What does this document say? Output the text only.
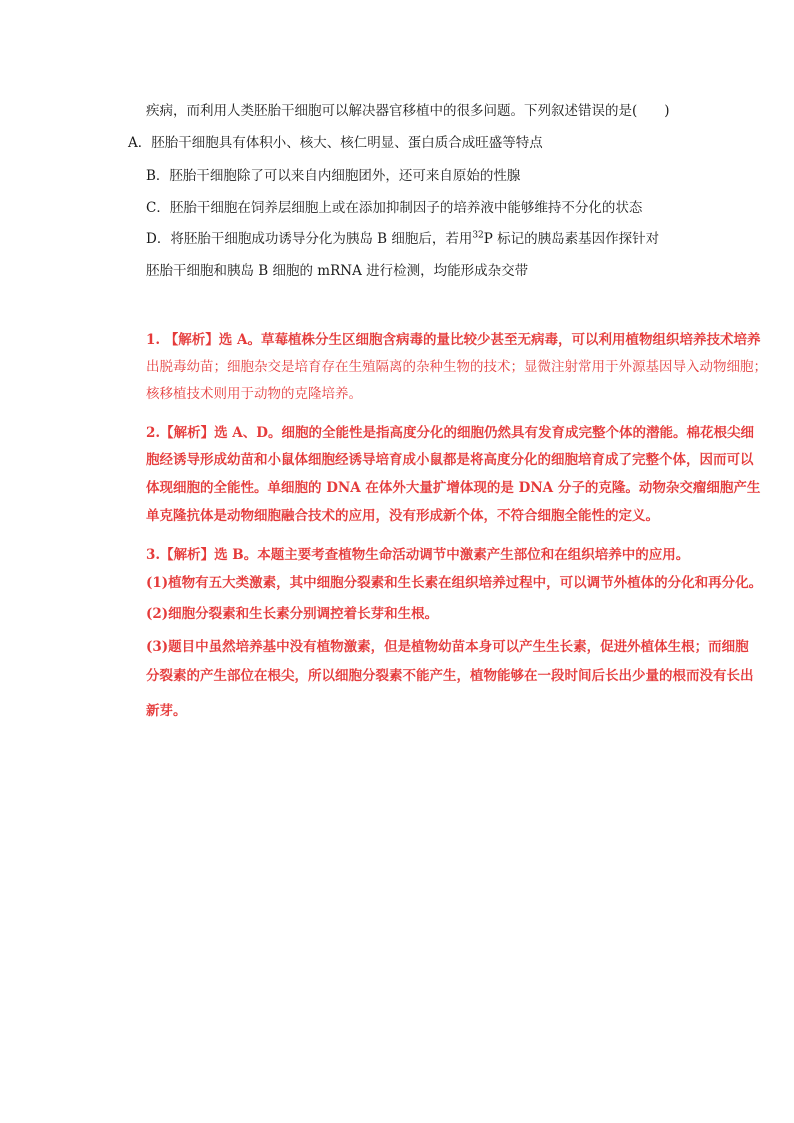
疾病，而利用人类胚胎干细胞可以解决器官移植中的很多问题。下列叙述错误的是(　　)
A．胚胎干细胞具有体积小、核大、核仁明显、蛋白质合成旺盛等特点
B．胚胎干细胞除了可以来自内细胞团外，还可来自原始的性腺
C．胚胎干细胞在饲养层细胞上或在添加抑制因子的培养液中能够维持不分化的状态
D．将胚胎干细胞成功诱导分化为胰岛 B 细胞后，若用$^{32}$P 标记的胰岛素基因作探针对
胚胎干细胞和胰岛 B 细胞的 mRNA 进行检测，均能形成杂交带
1. 【解析】选 A。草莓植株分生区细胞含病毒的量比较少甚至无病毒，可以利用植物组织培养技术培养
出脱毒幼苗；细胞杂交是培育存在生殖隔离的杂种生物的技术；显微注射常用于外源基因导入动物细胞；
核移植技术则用于动物的克隆培养。
2.【解析】选 A、D。细胞的全能性是指高度分化的细胞仍然具有发育成完整个体的潜能。棉花根尖细
胞经诱导形成幼苗和小鼠体细胞经诱导培育成小鼠都是将高度分化的细胞培育成了完整个体，因而可以
体现细胞的全能性。单细胞的 DNA 在体外大量扩增体现的是 DNA 分子的克隆。动物杂交瘤细胞产生
单克隆抗体是动物细胞融合技术的应用，没有形成新个体，不符合细胞全能性的定义。
3.【解析】选 B。本题主要考查植物生命活动调节中激素产生部位和在组织培养中的应用。
(1)植物有五大类激素，其中细胞分裂素和生长素在组织培养过程中，可以调节外植体的分化和再分化。
(2)细胞分裂素和生长素分别调控着长芽和生根。
(3)题目中虽然培养基中没有植物激素，但是植物幼苗本身可以产生生长素，促进外植体生根；而细胞
分裂素的产生部位在根尖，所以细胞分裂素不能产生，植物能够在一段时间后长出少量的根而没有长出
新芽。
